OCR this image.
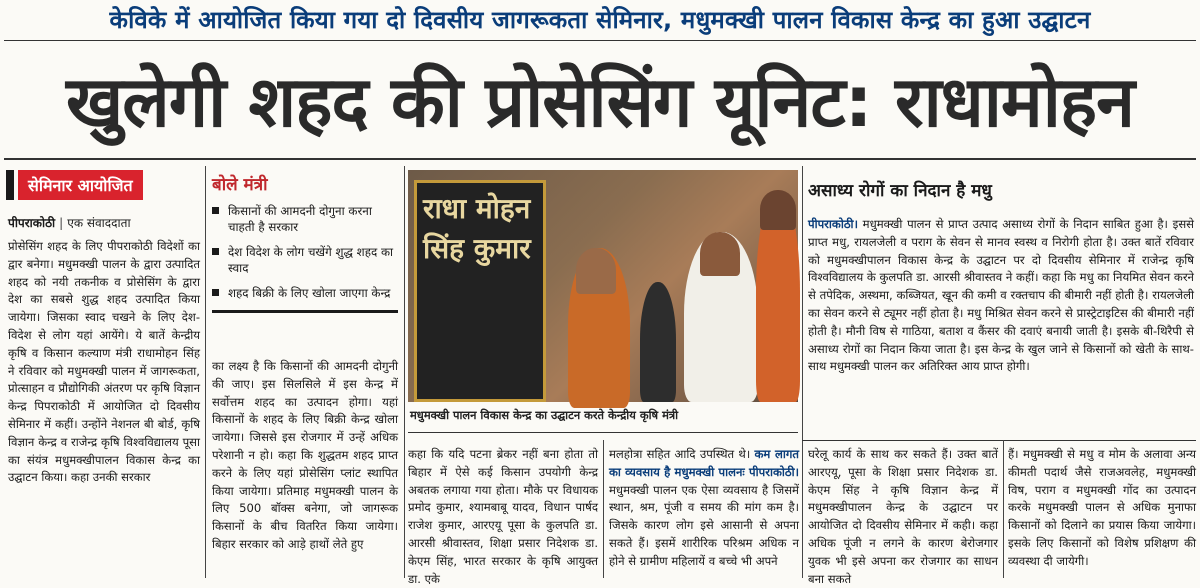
केविके में आयोजित किया गया दो दिवसीय जागरूकता सेमिनार, मधुमक्खी पालन विकास केन्द्र का हुआ उद्घाटन
खुलेगी शहद की प्रोसेसिंग यूनिट: राधामोहन
सेमिनार आयोजित
पीपराकोठी | एक संवाददाता
प्रोसेसिंग शहद के लिए पीपराकोठी विदेशों का द्वार बनेगा। मधुमक्खी पालन के द्वारा उत्पादित शहद को नयी तकनीक व प्रोसेसिंग के द्वारा देश का सबसे शुद्ध शहद उत्पादित किया जायेगा। जिसका स्वाद चखने के लिए देश-विदेश से लोग यहां आयेंगे। ये बातें केन्द्रीय कृषि व किसान कल्याण मंत्री राधामोहन सिंह ने रविवार को मधुमक्खी पालन में जागरूकता, प्रोत्साहन व प्रौद्योगिकी अंतरण पर कृषि विज्ञान केन्द्र पिपराकोठी में आयोजित दो दिवसीय सेमिनार में कहीं। उन्होंने नेशनल बी बोर्ड, कृषि विज्ञान केन्द्र व राजेन्द्र कृषि विश्वविद्यालय पूसा का संयंत्र मधुमक्खीपालन विकास केन्द्र का उद्घाटन किया। कहा उनकी सरकार
बोले मंत्री
किसानों की आमदनी दोगुना करना चाहती है सरकार
देश विदेश के लोग चखेंगे शुद्ध शहद का स्वाद
शहद बिक्री के लिए खोला जाएगा केन्द्र
का लक्ष्य है कि किसानों की आमदनी दोगुनी की जाए। इस सिलसिले में इस केन्द्र में सर्वोत्तम शहद का उत्पादन होगा। यहां किसानों के शहद के लिए बिक्री केन्द्र खोला जायेगा। जिससे इस रोजगार में उन्हें अधिक परेशानी न हो। कहा कि शुद्धतम शहद प्राप्त करने के लिए यहां प्रोसेसिंग प्लांट स्थापित किया जायेगा। प्रतिमाह मधुमक्खी पालन के लिए 500 बॉक्स बनेगा, जो जागरूक किसानों के बीच वितरित किया जायेगा। बिहार सरकार को आड़े हाथों लेते हुए
राधा मोहन सिंह कुमार
मधुमक्खी पालन विकास केन्द्र का उद्घाटन करते केन्द्रीय कृषि मंत्री
असाध्य रोगों का निदान है मधु
पीपराकोठी। मधुमक्खी पालन से प्राप्त उत्पाद असाध्य रोगों के निदान साबित हुआ है। इससे प्राप्त मधु, रायलजेली व पराग के सेवन से मानव स्वस्थ व निरोगी होता है। उक्त बातें रविवार को मधुमक्खीपालन विकास केन्द्र के उद्घाटन पर दो दिवसीय सेमिनार में राजेन्द्र कृषि विश्वविद्यालय के कुलपति डा. आरसी श्रीवास्तव ने कहीं। कहा कि मधु का नियमित सेवन करने से तपेदिक, अस्थमा, कब्जियत, खून की कमी व रक्तचाप की बीमारी नहीं होती है। रायलजेली का सेवन करने से ट्यूमर नहीं होता है। मधु मिश्रित सेवन करने से प्रास्ट्रेटाइटिस की बीमारी नहीं होती है। मौनी विष से गाठिया, बताश व कैंसर की दवाएं बनायी जाती है। इसके बी-थिरैपी से असाध्य रोगों का निदान किया जाता है। इस केन्द्र के खुल जाने से किसानों को खेती के साथ-साथ मधुमक्खी पालन कर अतिरिक्त आय प्राप्त होगी।
कहा कि यदि पटना ब्रेकर नहीं बना होता तो बिहार में ऐसे कई किसान उपयोगी केन्द्र अबतक लगाया गया होता। मौके पर विधायक प्रमोद कुमार, श्यामबाबू यादव, विधान पार्षद राजेश कुमार, आरएयू पूसा के कुलपति डा. आरसी श्रीवास्तव, शिक्षा प्रसार निदेशक डा. केएम सिंह, भारत सरकार के कृषि आयुक्त डा. एके
मलहोत्रा सहित आदि उपस्थित थे। कम लागत का व्यवसाय है मधुमक्खी पालनः पीपराकोठी। मधुमक्खी पालन एक ऐसा व्यवसाय है जिसमें स्थान, श्रम, पूंजी व समय की मांग कम है। जिसके कारण लोग इसे आसानी से अपना सकते हैं। इसमें शारीरिक परिश्रम अधिक न होने से ग्रामीण महिलायें व बच्चे भी अपने
घरेलू कार्य के साथ कर सकते हैं। उक्त बातें आरएयू, पूसा के शिक्षा प्रसार निदेशक डा. केएम सिंह ने कृषि विज्ञान केन्द्र में मधुमक्खीपालन केन्द्र के उद्घाटन पर आयोजित दो दिवसीय सेमिनार में कही। कहा अधिक पूंजी न लगने के कारण बेरोजगार युवक भी इसे अपना कर रोजगार का साधन बना सकते
हैं। मधुमक्खी से मधु व मोम के अलावा अन्य कीमती पदार्थ जैसे राजअवलेह, मधुमक्खी विष, पराग व मधुमक्खी गोंद का उत्पादन करके मधुमक्खी पालन से अधिक मुनाफा किसानों को दिलाने का प्रयास किया जायेगा। इसके लिए किसानों को विशेष प्रशिक्षण की व्यवस्था दी जायेगी।
